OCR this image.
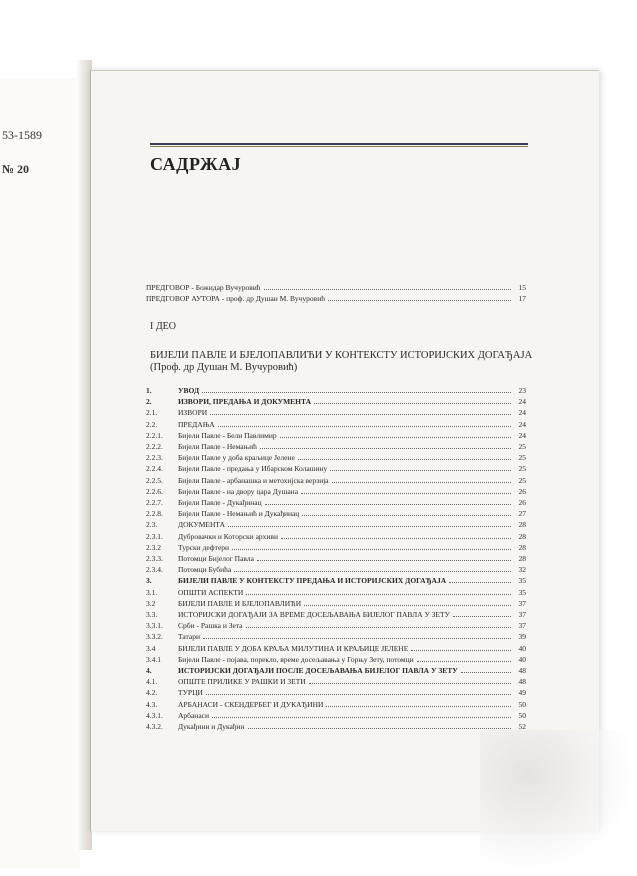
53-1589
№ 20	САДРЖАЈ
ПРЕДГОВОР - Божидар Вучуровић	15
ПРЕДГОВОР АУТОРА - проф. др Душан М. Вучуровић	17
I ДЕО
БИЈЕЛИ ПАВЛЕ И БЈЕЛОПАВЛИЋИ У КОНТЕКСТУ ИСТОРИЈСКИХ ДОГАЂАЈА
(Проф. др Душан М. Вучуровић)
1.	УВОД	23
2.	ИЗВОРИ, ПРЕДАЊА И ДОКУМЕНТА	24
2.1.	ИЗВОРИ	24
2.2.	ПРЕДАЊА	24
2.2.1.	Бијели Павле - Бели Павлимир	24
2.2.2.	Бијели Павле - Немањић	25
2.2.3.	Бијели Павле у доба краљице Јелене	25
2.2.4.	Бијели Павле - предања у Ибарском Колашину	25
2.2.5.	Бијели Павле - арбанашка и метохијска верзија	25
2.2.6.	Бијели Павле - на двору цара Душана	26
2.2.7.	Бијели Павле - Дукађинац	26
2.2.8.	Бијели Павле - Немањић и Дукађинац	27
2.3.	ДОКУМЕНТА	28
2.3.1.	Дубровачки и Которски архиви	28
2.3.2	Турски дефтери	28
2.3.3.	Потомци Бијелог Павла	28
2.3.4.	Потомци Бубића	32
3.	БИЈЕЛИ ПАВЛЕ У КОНТЕКСТУ ПРЕДАЊА И ИСТОРИЈСКИХ ДОГАЂАЈА	35
3.1.	ОПШТИ АСПЕКТИ	35
3.2	БИЈЕЛИ ПАВЛЕ И БЈЕЛОПАВЛИЋИ	37
3.3.	ИСТОРИЈСКИ ДОГАЂАЈИ ЗА ВРЕМЕ ДОСЕЉАВАЊА БИЈЕЛОГ ПАВЛА У ЗЕТУ	37
3.3.1.	Срби - Рашка и Зета	37
3.3.2.	Татари	39
3.4	БИЈЕЛИ ПАВЛЕ У ДОБА КРАЉА МИЛУТИНА И КРАЉИЦЕ ЈЕЛЕНЕ	40
3.4.1	Бијели Павле - појава, порекло, време досељавања у Горњу Зету, потомци	40
4.	ИСТОРИЈСКИ ДОГАЂАЈИ ПОСЛЕ ДОСЕЉАВАЊА БИЈЕЛОГ ПАВЛА У ЗЕТУ	48
4.1.	ОПШТЕ ПРИЛИКЕ У РАШКИ И ЗЕТИ	48
4.2.	ТУРЦИ	49
4.3.	АРБАНАСИ - СКЕНДЕРБЕГ И ДУКАЂИНИ	50
4.3.1.	Арбанаси	50
4.3.2.	Дукађини и Дукађин	52
